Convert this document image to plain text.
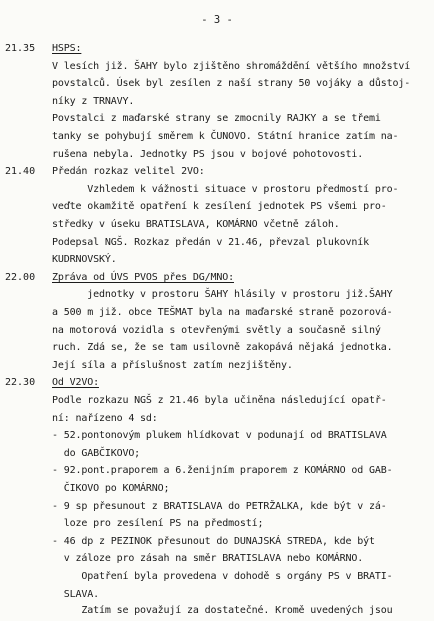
- 3 -
21.35 HSPS:
V lesích již. ŠAHY bylo zjištěno shromáždění většího množství
povstalců. Úsek byl zesílen z naší strany 50 vojáky a důstoj-
níky z TRNAVY.
Povstalci z maďarské strany se zmocnily RAJKY a se třemi
tanky se pohybují směrem k ČUNOVO. Státní hranice zatím na-
rušena nebyla. Jednotky PS jsou v bojové pohotovosti.
21.40 Předán rozkaz velitel 2VO:
Vzhledem k vážnosti situace v prostoru předmostí pro-
veďte okamžitě opatření k zesílení jednotek PS všemi pro-
středky v úseku BRATISLAVA, KOMÁRNO včetně záloh.
Podepsal NGŠ. Rozkaz předán v 21.46, převzal plukovník
KUDRNOVSKÝ.
22.00 Zpráva od ÚVS PVOS přes DG/MNO:
jednotky v prostoru ŠAHY hlásily v prostoru již.ŠAHY
a 500 m již. obce TEŠMAT byla na maďarské straně pozorová-
na motorová vozidla s otevřenými světly a současně silný
ruch. Zdá se, že se tam usilovně zakopává nějaká jednotka.
Její síla a příslušnost zatím nezjištěny.
22.30 Od V2VO:
Podle rozkazu NGŠ z 21.46 byla učiněna následující opatř-
ní: nařízeno 4 sd:
- 52.pontonovým plukem hlídkovat v podunají od BRATISLAVA
do GABČIKOVO;
- 92.pont.praporem a 6.ženijním praporem z KOMÁRNO od GAB-
ČIKOVO po KOMÁRNO;
- 9 sp přesunout z BRATISLAVA do PETRŽALKA, kde být v zá-
loze pro zesílení PS na předmostí;
- 46 dp z PEZINOK přesunout do DUNAJSKÁ STREDA, kde být
v záloze pro zásah na směr BRATISLAVA nebo KOMÁRNO.
Opatření byla provedena v dohodě s orgány PS v BRATI-
SLAVA.
Zatím se považují za dostatečné. Kromě uvedených jsou
